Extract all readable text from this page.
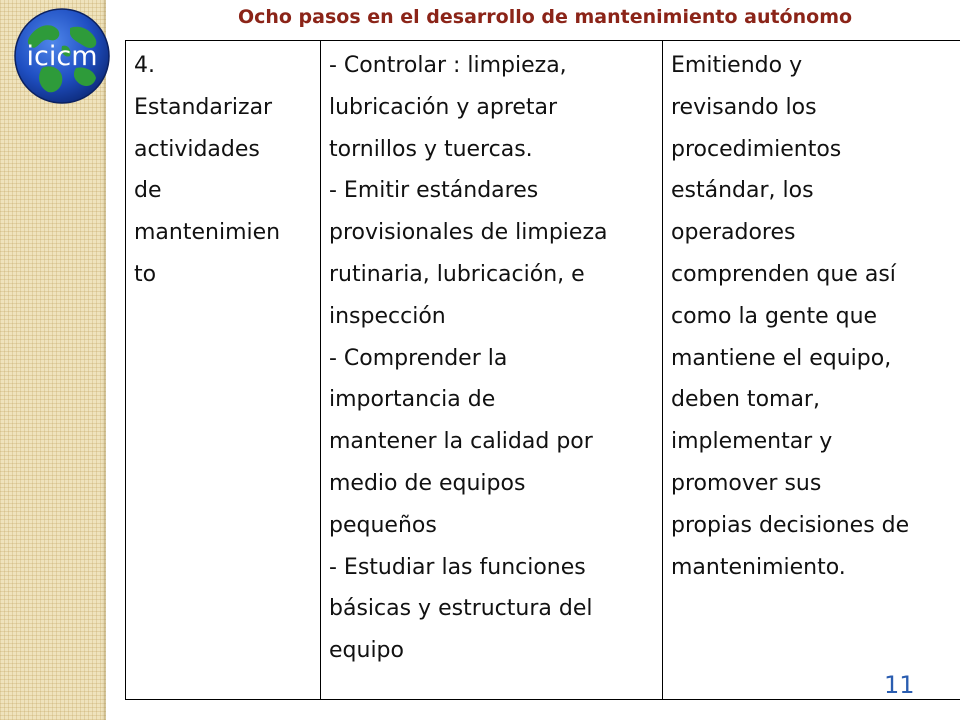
icicm
Ocho pasos en el desarrollo de mantenimiento autónomo
4.
Estandarizar
actividades
de
mantenimien
to

- Controlar : limpieza,
lubricación y apretar
tornillos y tuercas.
- Emitir estándares
provisionales de limpieza
rutinaria, lubricación, e
inspección
- Comprender la
importancia de
mantener la calidad por
medio de equipos
pequeños
- Estudiar las funciones
básicas y estructura del
equipo

Emitiendo y
revisando los
procedimientos
estándar, los
operadores
comprenden que así
como la gente que
mantiene el equipo,
deben tomar,
implementar y
promover sus
propias decisiones de
mantenimiento.
11
